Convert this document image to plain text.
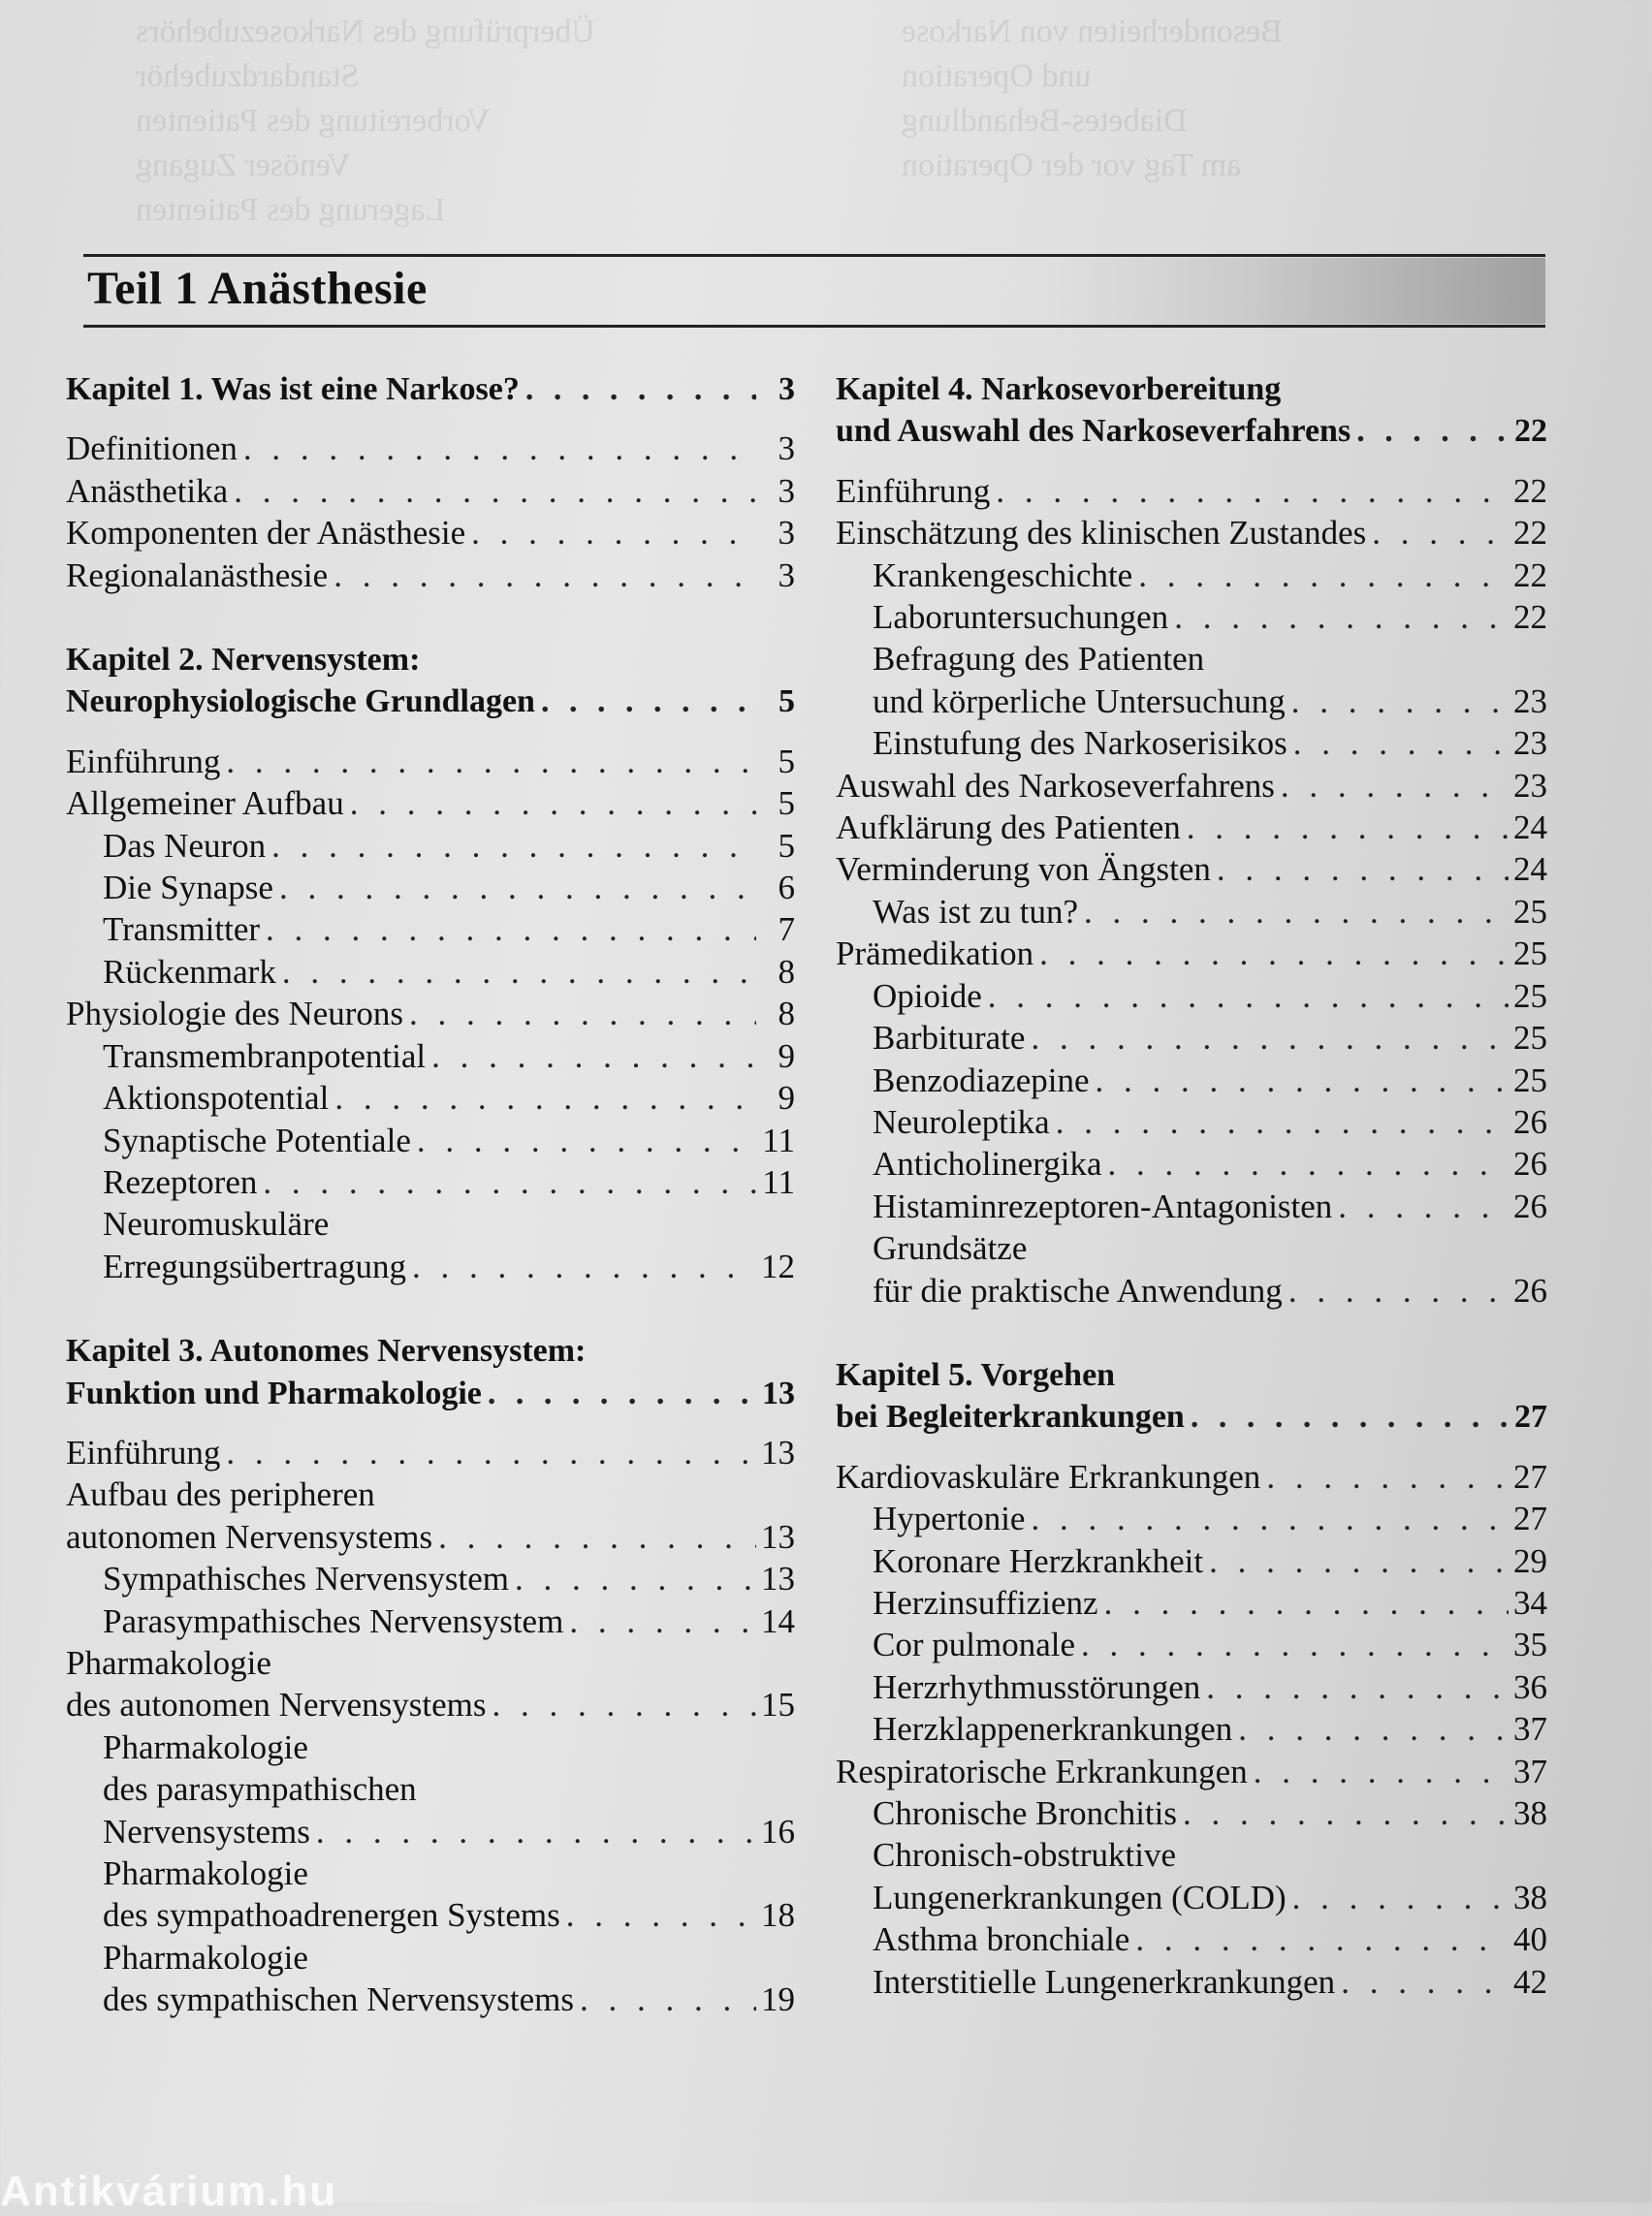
Überprüfung des Narkosezubehörs
Standardzubehör
Vorbereitung des Patienten
Venöser Zugang
Lagerung des Patienten
Besonderheiten von Narkose
und Operation
Diabetes-Behandlung
am Tag vor der Operation
Teil 1 Anästhesie
Kapitel 1. Was ist eine Narkose? . . .	3
Definitionen . . .	3
Anästhetika . . .	3
Komponenten der Anästhesie . . .	3
Regionalanästhesie . . .	3
Kapitel 2. Nervensystem:
Neurophysiologische Grundlagen . . .	5
Einführung . . .	5
Allgemeiner Aufbau . . .	5
Das Neuron . . .	5
Die Synapse . . .	6
Transmitter . . .	7
Rückenmark . . .	8
Physiologie des Neurons . . .	8
Transmembranpotential . . .	9
Aktionspotential . . .	9
Synaptische Potentiale . . .	11
Rezeptoren . . .	11
Neuromuskuläre
Erregungsübertragung . . .	12
Kapitel 3. Autonomes Nervensystem:
Funktion und Pharmakologie . . .	13
Einführung . . .	13
Aufbau des peripheren
autonomen Nervensystems . . .	13
Sympathisches Nervensystem . . .	13
Parasympathisches Nervensystem . . .	14
Pharmakologie
des autonomen Nervensystems . . .	15
Pharmakologie
des parasympathischen
Nervensystems . . .	16
Pharmakologie
des sympathoadrenergen Systems . . .	18
Pharmakologie
des sympathischen Nervensystems . . .	19
Kapitel 4. Narkosevorbereitung
und Auswahl des Narkoseverfahrens . . .	22
Einführung . . .	22
Einschätzung des klinischen Zustandes . . .	22
Krankengeschichte . . .	22
Laboruntersuchungen . . .	22
Befragung des Patienten
und körperliche Untersuchung . . .	23
Einstufung des Narkoserisikos . . .	23
Auswahl des Narkoseverfahrens . . .	23
Aufklärung des Patienten . . .	24
Verminderung von Ängsten . . .	24
Was ist zu tun? . . .	25
Prämedikation . . .	25
Opioide . . .	25
Barbiturate . . .	25
Benzodiazepine . . .	25
Neuroleptika . . .	26
Anticholinergika . . .	26
Histaminrezeptoren-Antagonisten . . .	26
Grundsätze
für die praktische Anwendung . . .	26
Kapitel 5. Vorgehen
bei Begleiterkrankungen . . .	27
Kardiovaskuläre Erkrankungen . . .	27
Hypertonie . . .	27
Koronare Herzkrankheit . . .	29
Herzinsuffizienz . . .	34
Cor pulmonale . . .	35
Herzrhythmusstörungen . . .	36
Herzklappenerkrankungen . . .	37
Respiratorische Erkrankungen . . .	37
Chronische Bronchitis . . .	38
Chronisch-obstruktive
Lungenerkrankungen (COLD) . . .	38
Asthma bronchiale . . .	40
Interstitielle Lungenerkrankungen . . .	42
Antikvárium.hu
